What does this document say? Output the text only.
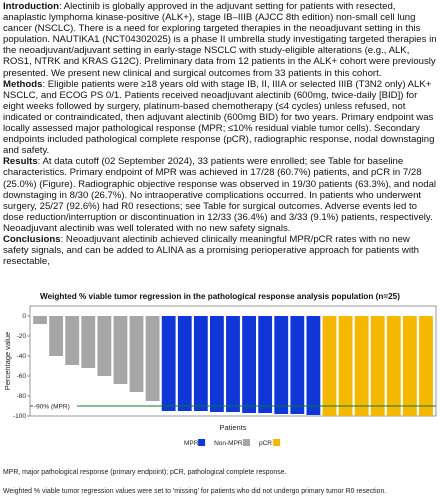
Introduction: Alectinib is globally approved in the adjuvant setting for patients with resected, anaplastic lymphoma kinase-positive (ALK+), stage IB–IIIB (AJCC 8th edition) non-small cell lung cancer (NSCLC). There is a need for exploring targeted therapies in the neoadjuvant setting in this population. NAUTIKA1 (NCT04302025) is a phase II umbrella study investigating targeted therapies in the neoadjuvant/adjuvant setting in early-stage NSCLC with study-eligible alterations (e.g., ALK, ROS1, NTRK and KRAS G12C). Preliminary data from 12 patients in the ALK+ cohort were previously presented. We present new clinical and surgical outcomes from 33 patients in this cohort.

Methods: Eligible patients were ≥18 years old with stage IB, II, IIIA or selected IIIB (T3N2 only) ALK+ NSCLC, and ECOG PS 0/1. Patients received neoadjuvant alectinib (600mg, twice-daily [BID]) for eight weeks followed by surgery, platinum-based chemotherapy (≤4 cycles) unless refused, not indicated or contraindicated, then adjuvant alectinib (600mg BID) for two years. Primary endpoint was locally assessed major pathological response (MPR; ≤10% residual viable tumor cells). Secondary endpoints included pathological complete response (pCR), radiographic response, nodal downstaging and safety.

Results: At data cutoff (02 September 2024), 33 patients were enrolled; see Table for baseline characteristics. Primary endpoint of MPR was achieved in 17/28 (60.7%) patients, and pCR in 7/28 (25.0%) (Figure). Radiographic objective response was observed in 19/30 patients (63.3%), and nodal downstaging in 8/30 (26.7%). No intraoperative complications occurred. In patients who underwent surgery, 25/27 (92.6%) had R0 resections; see Table for surgical outcomes. Adverse events led to dose reduction/interruption or discontinuation in 12/33 (36.4%) and 3/33 (9.1%) patients, respectively. Neoadjuvant alectinib was well tolerated with no new safety signals.

Conclusions: Neoadjuvant alectinib achieved clinically meaningful MPR/pCR rates with no new safety signals, and can be added to ALINA as a promising perioperative approach for patients with resectable,

Weighted % viable tumor regression in the pathological response analysis population (n=25)
0
-20
-40
-60
-80
-100
Percentage value
-90% (MPR)
Patients
MPR Non-MPR	pCR
MPR, major pathological response (primary endpoint); pCR, pathological complete response.
Weighted % viable tumor regression values were set to 'missing' for patients who did not undergo primary tumor R0 resection.
